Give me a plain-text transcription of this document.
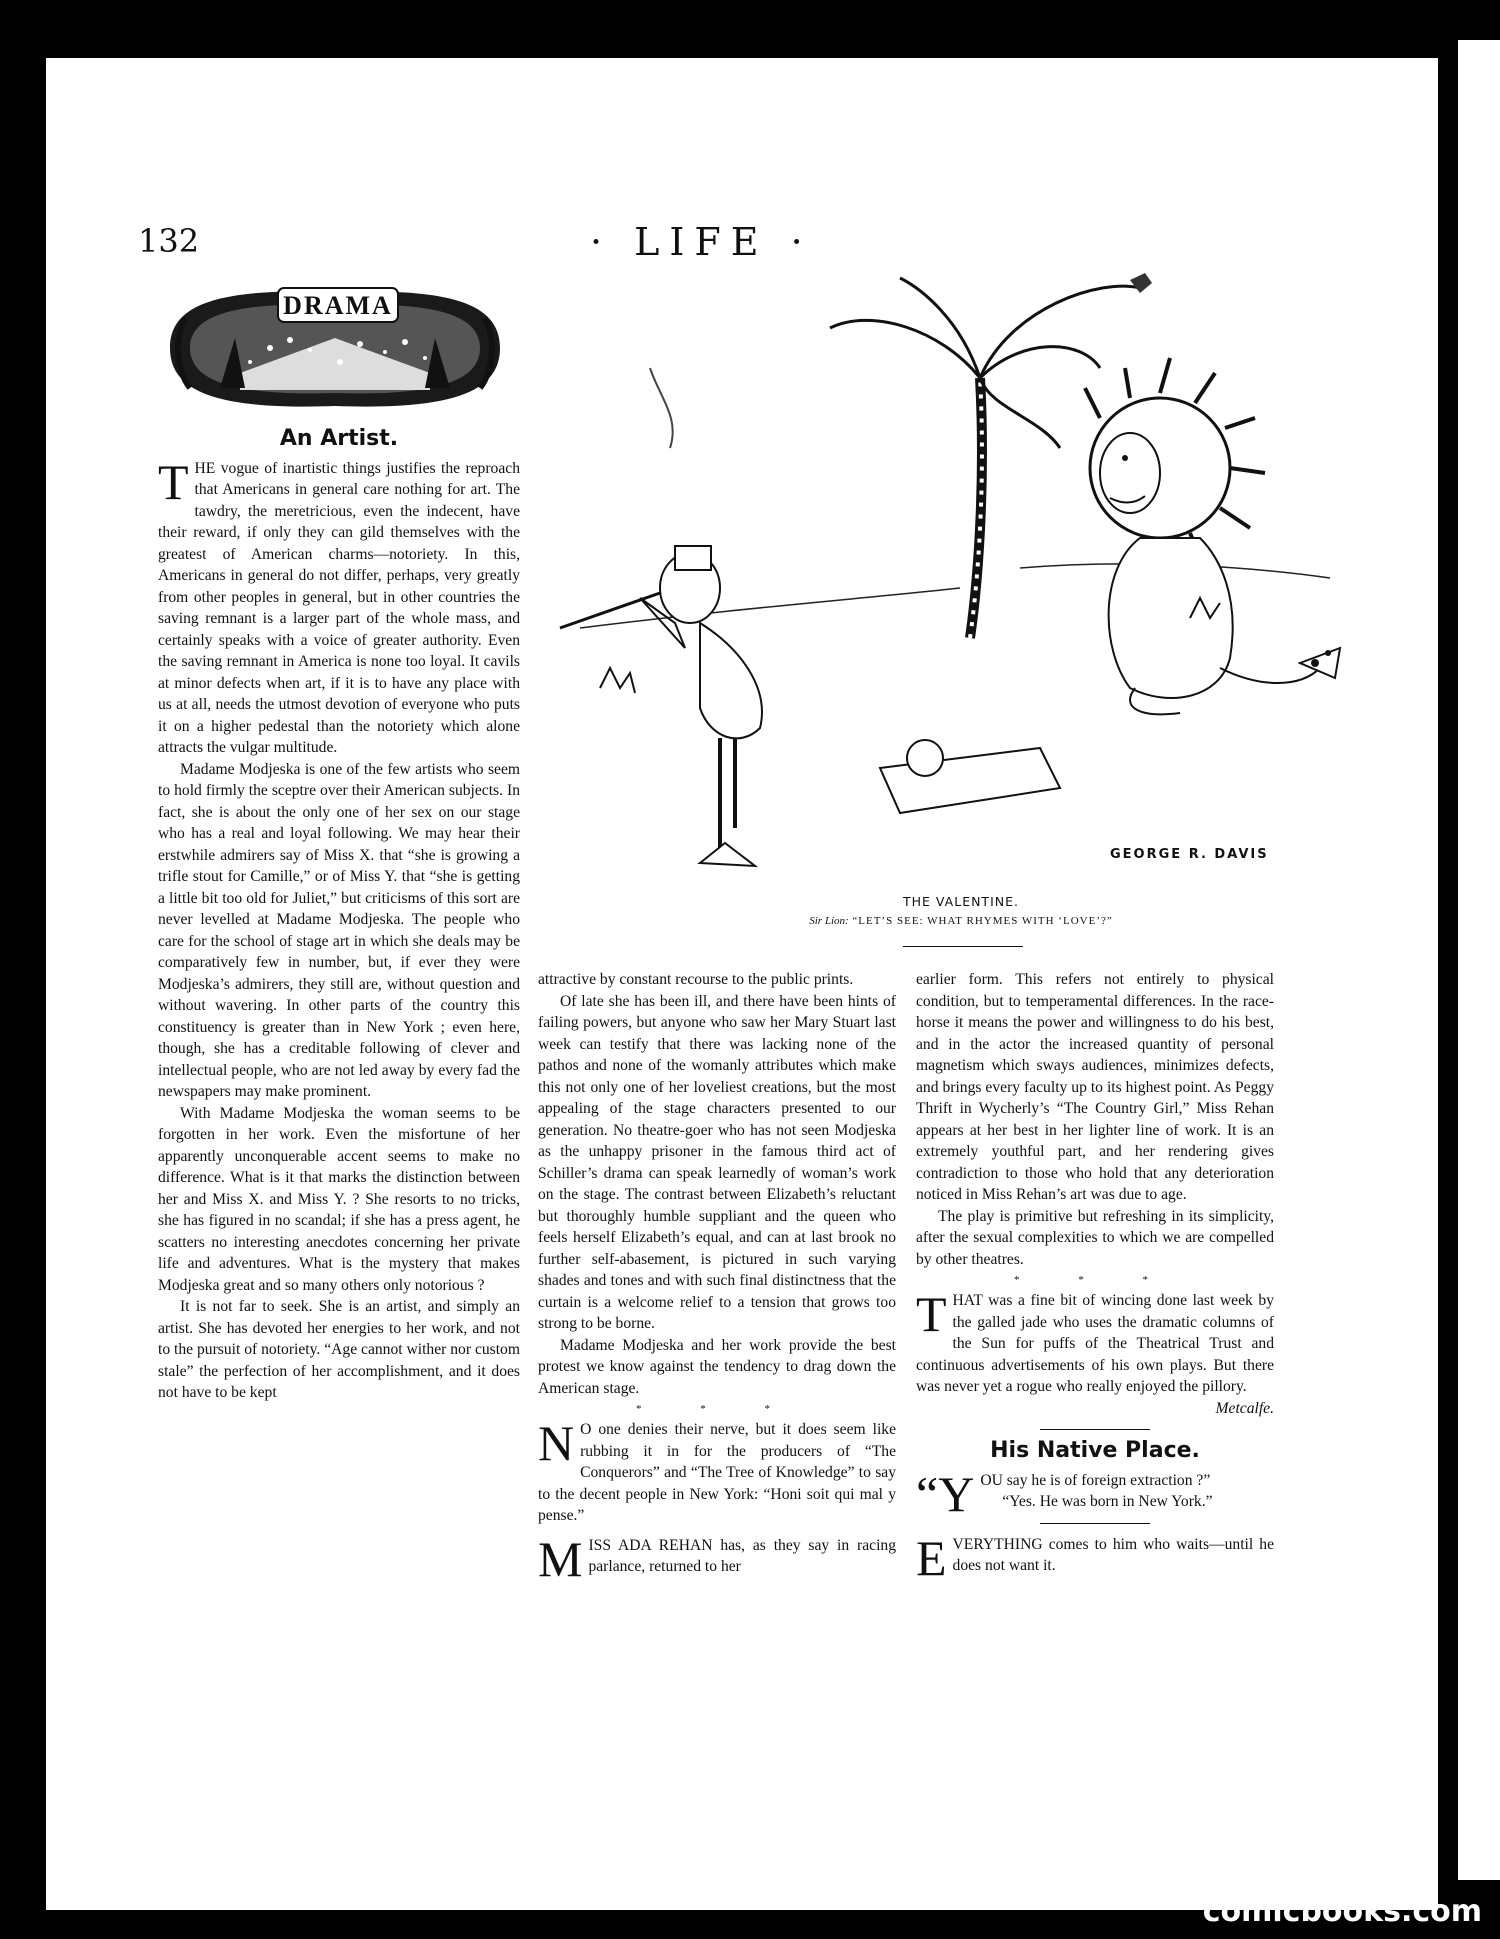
132	· LIFE ·
DRAMA
GEORGE R. DAVIS
THE VALENTINE.
Sir Lion: “LET’S SEE: WHAT RHYMES WITH ‘LOVE’?”
An Artist.

THE vogue of inartistic things justifies the reproach that Americans in general care nothing for art. The tawdry, the meretricious, even the indecent, have their reward, if only they can gild themselves with the greatest of American charms—notoriety. In this, Americans in general do not differ, perhaps, very greatly from other peoples in general, but in other countries the saving remnant is a larger part of the whole mass, and certainly speaks with a voice of greater authority. Even the saving remnant in America is none too loyal. It cavils at minor defects when art, if it is to have any place with us at all, needs the utmost devotion of everyone who puts it on a higher pedestal than the notoriety which alone attracts the vulgar multitude.

Madame Modjeska is one of the few artists who seem to hold firmly the sceptre over their American subjects. In fact, she is about the only one of her sex on our stage who has a real and loyal following. We may hear their erstwhile admirers say of Miss X. that “she is growing a trifle stout for Camille,” or of Miss Y. that “she is getting a little bit too old for Juliet,” but criticisms of this sort are never levelled at Madame Modjeska. The people who care for the school of stage art in which she deals may be comparatively few in number, but, if ever they were Modjeska’s admirers, they still are, without question and without wavering. In other parts of the country this constituency is greater than in New York ; even here, though, she has a creditable following of clever and intellectual people, who are not led away by every fad the newspapers may make prominent.

With Madame Modjeska the woman seems to be forgotten in her work. Even the misfortune of her apparently unconquerable accent seems to make no difference. What is it that marks the distinction between her and Miss X. and Miss Y. ? She resorts to no tricks, she has figured in no scandal; if she has a press agent, he scatters no interesting anecdotes concerning her private life and adventures. What is the mystery that makes Modjeska great and so many others only notorious ?

It is not far to seek. She is an artist, and simply an artist. She has devoted her energies to her work, and not to the pursuit of notoriety. “Age cannot wither nor custom stale” the perfection of her accomplishment, and it does not have to be kept

attractive by constant recourse to the public prints.

Of late she has been ill, and there have been hints of failing powers, but anyone who saw her Mary Stuart last week can testify that there was lacking none of the pathos and none of the womanly attributes which make this not only one of her loveliest creations, but the most appealing of the stage characters presented to our generation. No theatre-goer who has not seen Modjeska as the unhappy prisoner in the famous third act of Schiller’s drama can speak learnedly of woman’s work on the stage. The contrast between Elizabeth’s reluctant but thoroughly humble suppliant and the queen who feels herself Elizabeth’s equal, and can at last brook no further self-abasement, is pictured in such varying shades and tones and with such final distinctness that the curtain is a welcome relief to a tension that grows too strong to be borne.

Madame Modjeska and her work provide the best protest we know against the tendency to drag down the American stage.

* * *

N O one denies their nerve, but it does seem like rubbing it in for the producers of “The Conquerors” and “The Tree of Knowledge” to say to the decent people in New York: “Honi soit qui mal y pense.”

MISS ADA REHAN has, as they say in racing parlance, returned to her

earlier form. This refers not entirely to physical condition, but to temperamental differences. In the race-horse it means the power and willingness to do his best, and in the actor the increased quantity of personal magnetism which sways audiences, minimizes defects, and brings every faculty up to its highest point. As Peggy Thrift in Wycherly’s “The Country Girl,” Miss Rehan appears at her best in her lighter line of work. It is an extremely youthful part, and her rendering gives contradiction to those who hold that any deterioration noticed in Miss Rehan’s art was due to age.

The play is primitive but refreshing in its simplicity, after the sexual complexities to which we are compelled by other theatres.

* * *

THAT was a fine bit of wincing done last week by the galled jade who uses the dramatic columns of the Sun for puffs of the Theatrical Trust and continuous advertisements of his own plays. But there was never yet a rogue who really enjoyed the pillory.

Metcalfe.
His Native Place.

“YOU say he is of foreign extraction ?”

“Yes. He was born in New York.”

EVERYTHING comes to him who waits—until he does not want it.

comicbooks.com
